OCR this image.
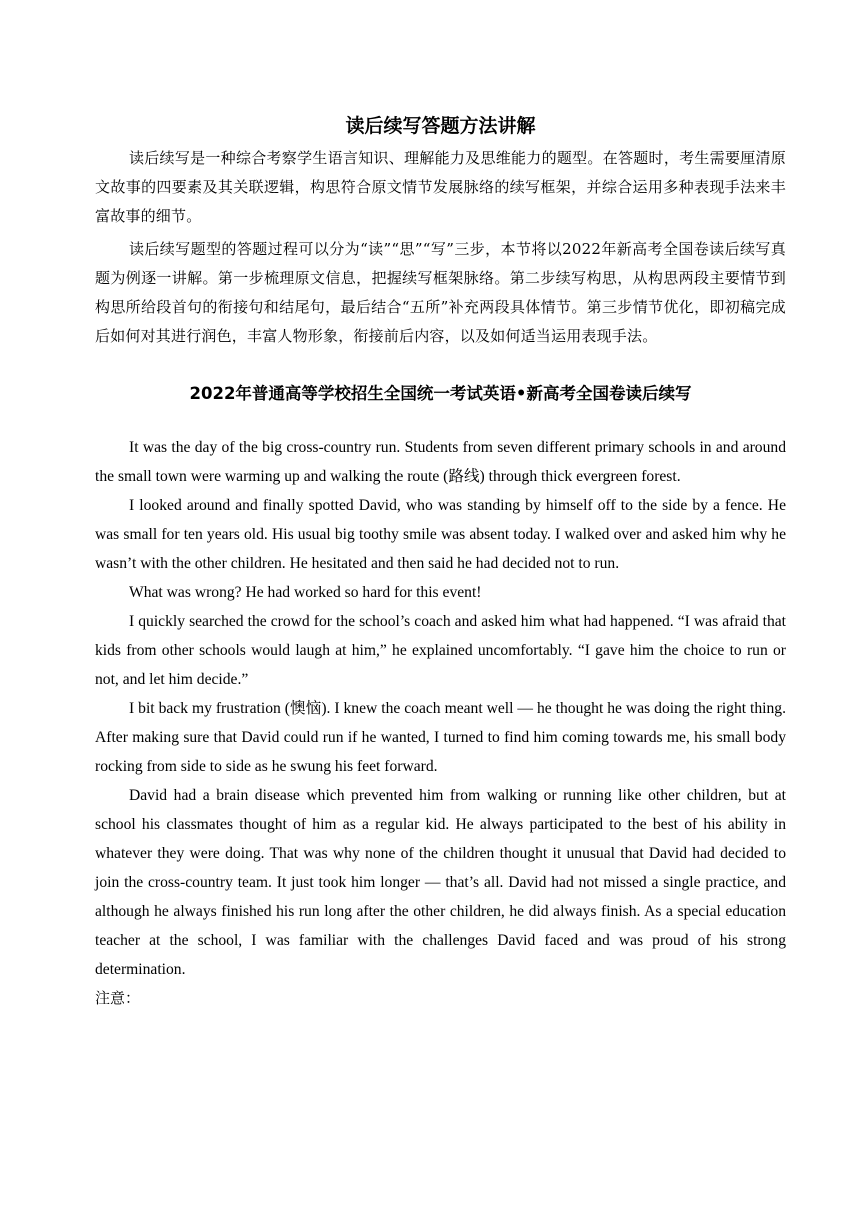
读后续写答题方法讲解

读后续写是一种综合考察学生语言知识、理解能力及思维能力的题型。在答题时，考生需要厘清原文故事的四要素及其关联逻辑，构思符合原文情节发展脉络的续写框架，并综合运用多种表现手法来丰富故事的细节。

读后续写题型的答题过程可以分为“读”“思”“写”三步，本节将以2022年新高考全国卷读后续写真题为例逐一讲解。第一步梳理原文信息，把握续写框架脉络。第二步续写构思，从构思两段主要情节到构思所给段首句的衔接句和结尾句，最后结合“五所”补充两段具体情节。第三步情节优化，即初稿完成后如何对其进行润色，丰富人物形象，衔接前后内容，以及如何适当运用表现手法。

2022年普通高等学校招生全国统一考试英语•新高考全国卷读后续写

It was the day of the big cross-country run. Students from seven different primary schools in and around the small town were warming up and walking the route (路线) through thick evergreen forest.

I looked around and finally spotted David, who was standing by himself off to the side by a fence. He was small for ten years old. His usual big toothy smile was absent today. I walked over and asked him why he wasn’t with the other children. He hesitated and then said he had decided not to run.

What was wrong? He had worked so hard for this event!

I quickly searched the crowd for the school’s coach and asked him what had happened. “I was afraid that kids from other schools would laugh at him,” he explained uncomfortably. “I gave him the choice to run or not, and let him decide.”

I bit back my frustration (懊恼). I knew the coach meant well — he thought he was doing the right thing. After making sure that David could run if he wanted, I turned to find him coming towards me, his small body rocking from side to side as he swung his feet forward.

David had a brain disease which prevented him from walking or running like other children, but at school his classmates thought of him as a regular kid. He always participated to the best of his ability in whatever they were doing. That was why none of the children thought it unusual that David had decided to join the cross-country team. It just took him longer — that’s all. David had not missed a single practice, and although he always finished his run long after the other children, he did always finish. As a special education teacher at the school, I was familiar with the challenges David faced and was proud of his strong determination.

注意：
